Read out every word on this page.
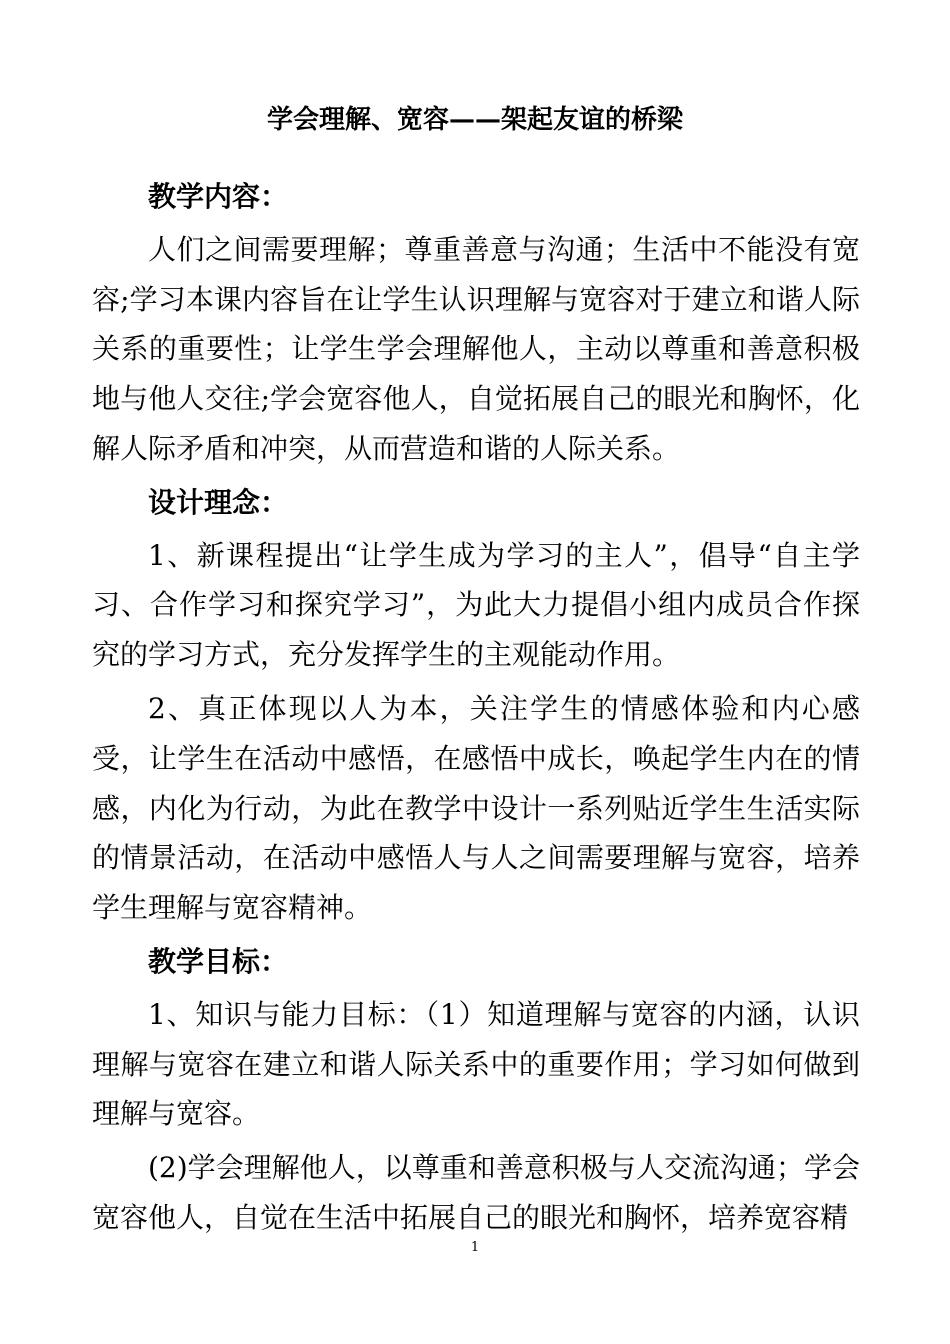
学会理解、宽容——架起友谊的桥梁

教学内容：

人们之间需要理解；尊重善意与沟通；生活中不能没有宽容;学习本课内容旨在让学生认识理解与宽容对于建立和谐人际关系的重要性；让学生学会理解他人，主动以尊重和善意积极地与他人交往;学会宽容他人，自觉拓展自己的眼光和胸怀，化解人际矛盾和冲突，从而营造和谐的人际关系。

设计理念：

1、新课程提出“让学生成为学习的主人”，倡导“自主学习、合作学习和探究学习”，为此大力提倡小组内成员合作探究的学习方式，充分发挥学生的主观能动作用。

2、真正体现以人为本，关注学生的情感体验和内心感受，让学生在活动中感悟，在感悟中成长，唤起学生内在的情感，内化为行动，为此在教学中设计一系列贴近学生生活实际的情景活动，在活动中感悟人与人之间需要理解与宽容，培养学生理解与宽容精神。

教学目标：

1、知识与能力目标：（1）知道理解与宽容的内涵，认识理解与宽容在建立和谐人际关系中的重要作用；学习如何做到理解与宽容。

(2)学会理解他人，以尊重和善意积极与人交流沟通；学会宽容他人，自觉在生活中拓展自己的眼光和胸怀，培养宽容精

1
